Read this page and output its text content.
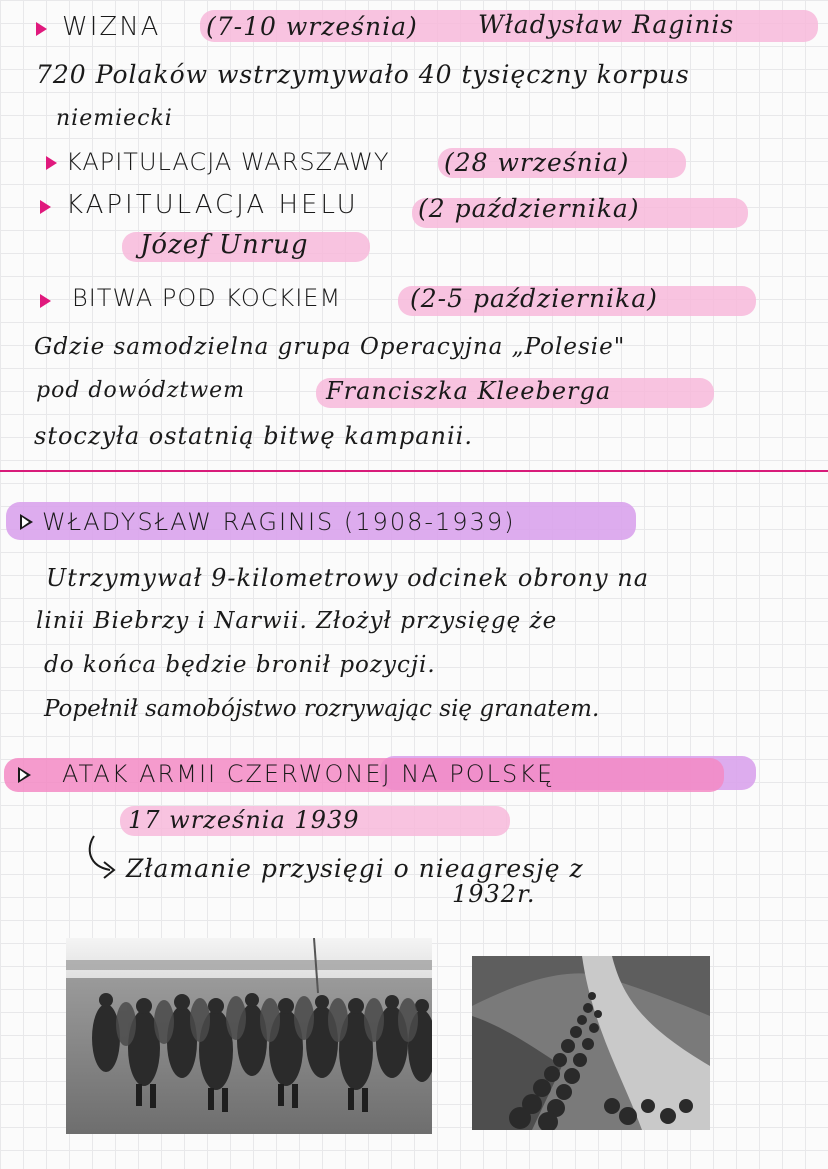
WIZNA (7-10 września) Władysław Raginis
720 Polaków wstrzymywało 40 tysięczny korpus
niemiecki
KAPITULACJA WARSZAWY (28 września)
KAPITULACJA HELU (2 października)
Józef Unrug
BITWA POD KOCKIEM	(2-5 października)
Gdzie samodzielna grupa Operacyjna „Polesie"
pod dowództwem	Franciszka Kleeberga
stoczyła ostatnią bitwę kampanii.
WŁADYSŁAW RAGINIS (1908-1939)
Utrzymywał 9-kilometrowy odcinek obrony na
linii Biebrzy i Narwii. Złożył przysięgę że
do końca będzie bronił pozycji.
Popełnił samobójstwo rozrywając się granatem.
ATAK ARMII CZERWONEJ NA POLSKĘ
17 września 1939
Złamanie przysięgi o nieagresję z
1932r.
